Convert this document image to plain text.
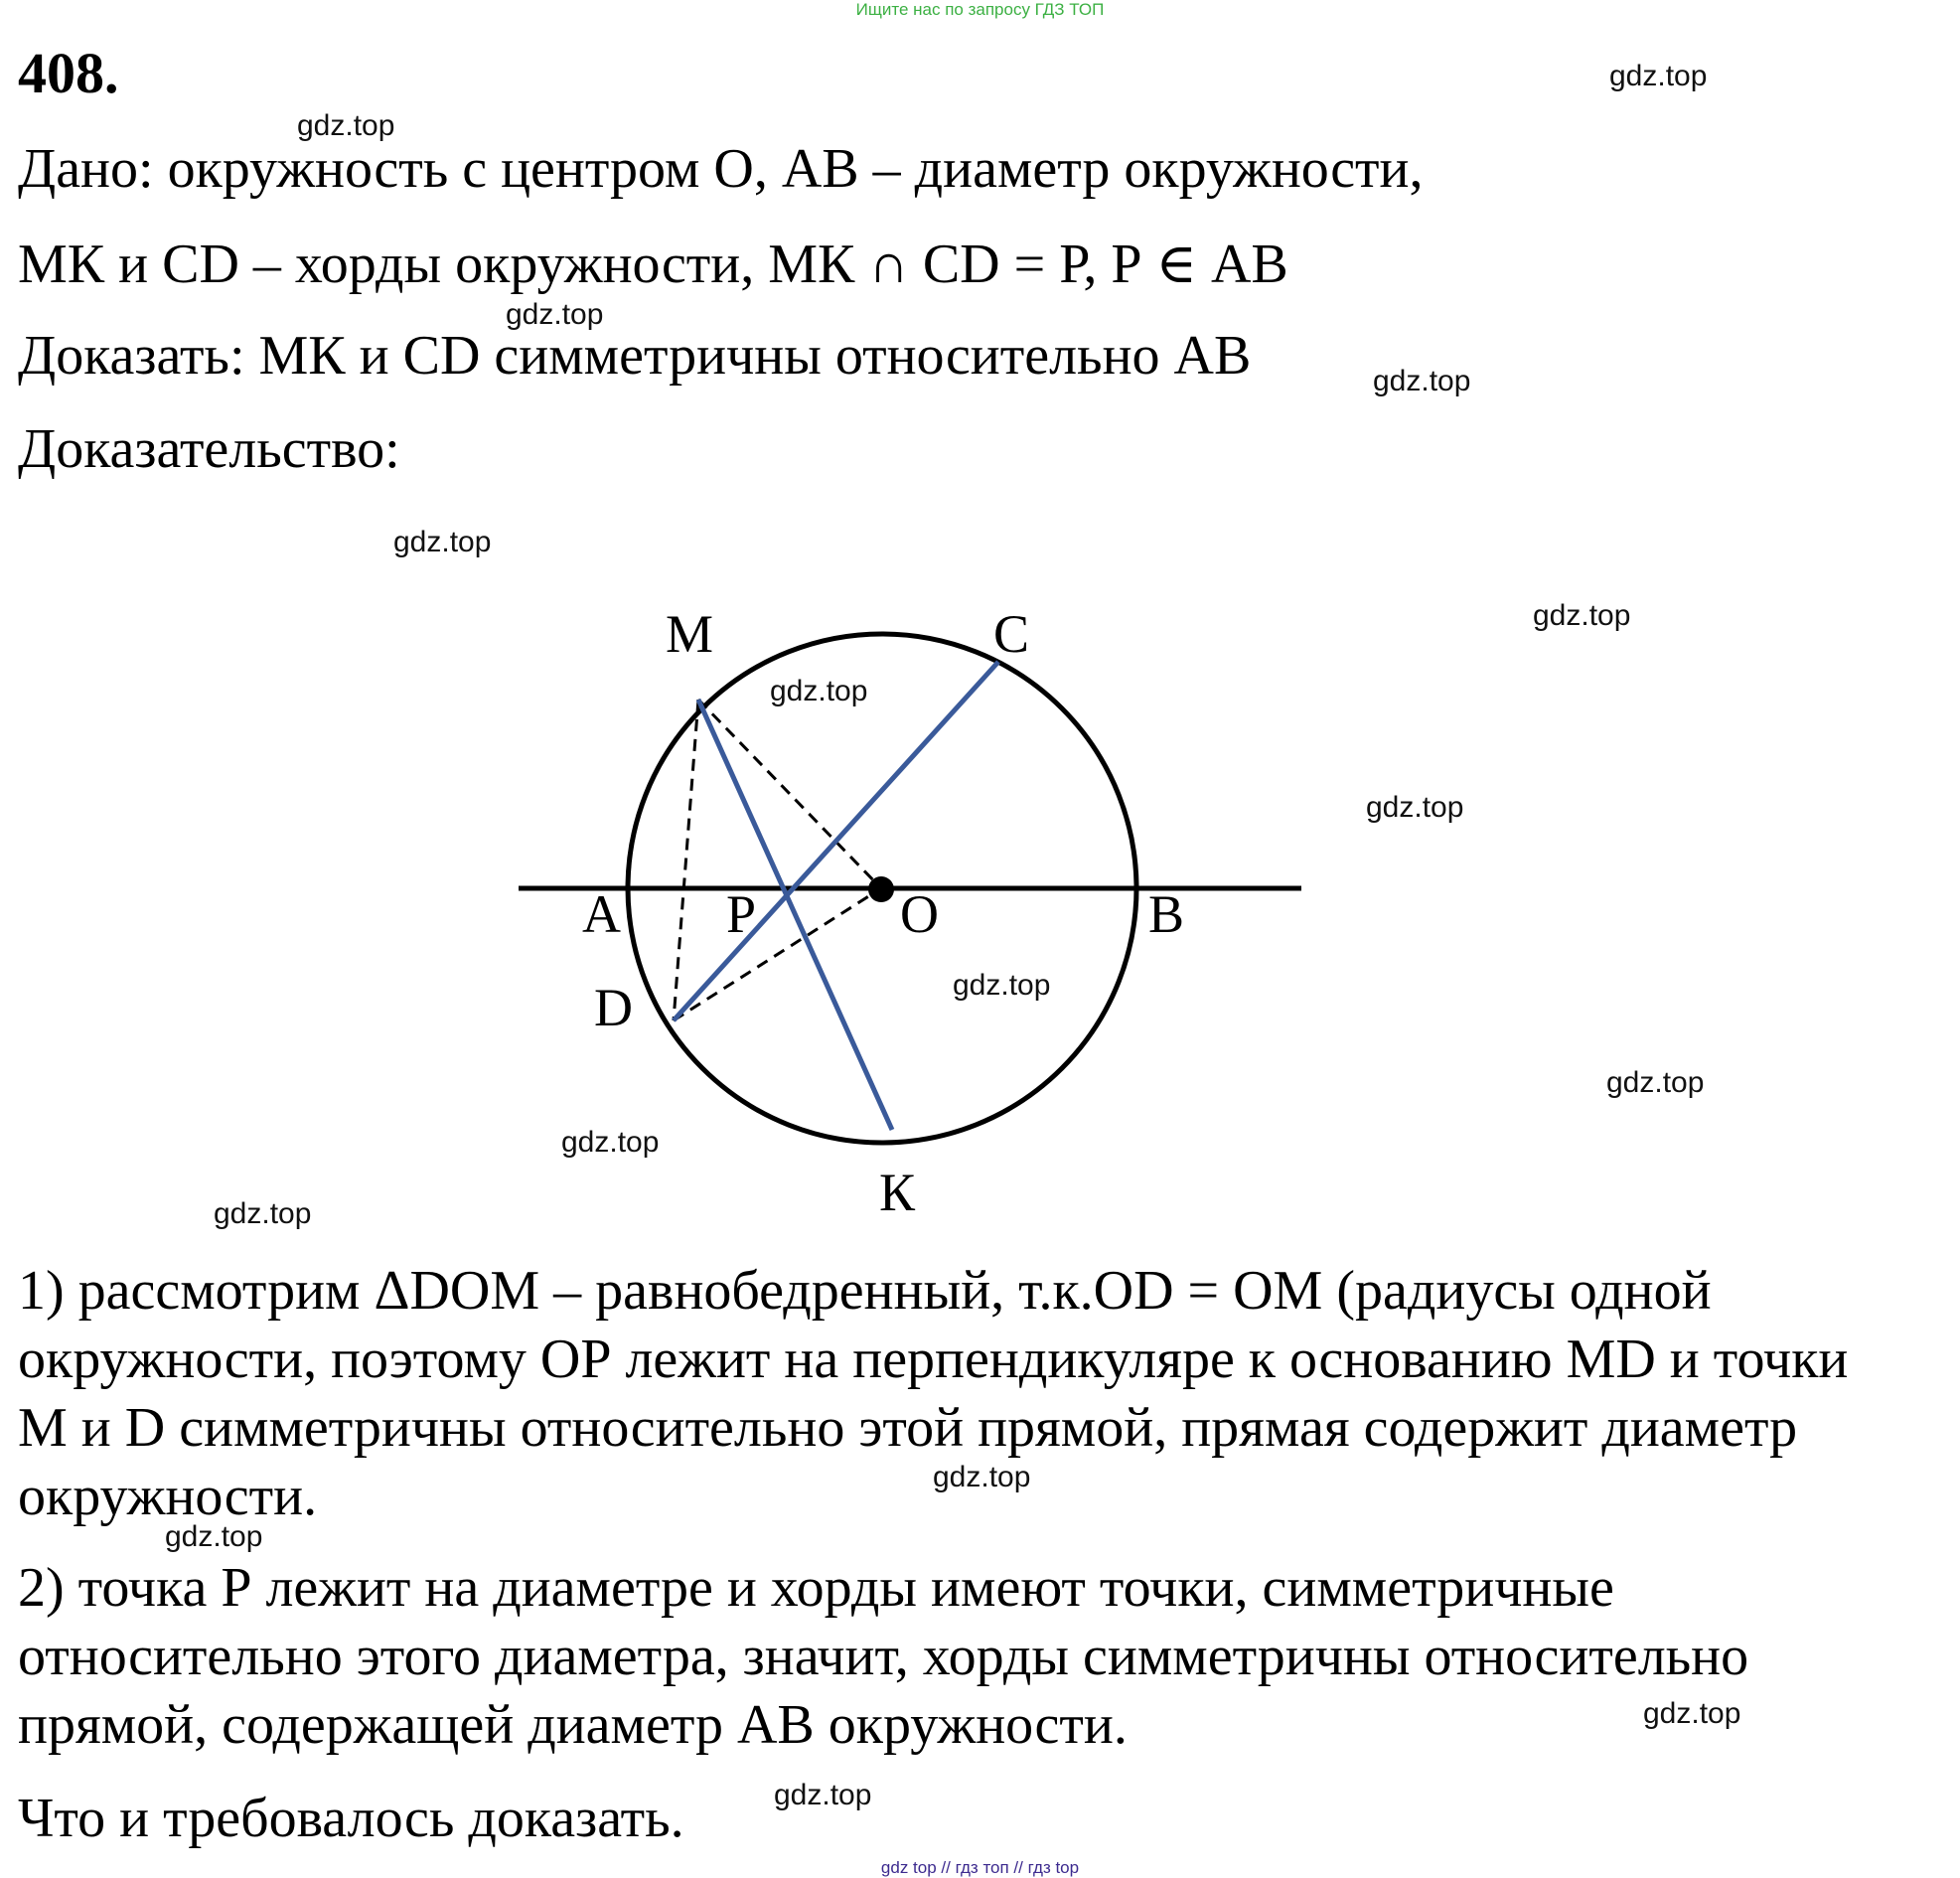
Ищите нас по запросу ГДЗ ТОП
408.
Дано: окружность с центром О, АВ – диаметр окружности,
МК и CD – хорды окружности, МК ∩ CD = Р, Р ∈ АВ
Доказать: МК и CD симметричны относительно АВ
Доказательство:
M	C
A P	O	B
D
К
1) рассмотрим ΔDOM – равнобедренный, т.к.OD = OM (радиусы одной
окружности, поэтому ОР лежит на перпендикуляре к основанию MD и точки
М и D симметричны относительно этой прямой, прямая содержит диаметр
окружности.
2) точка Р лежит на диаметре и хорды имеют точки, симметричные
относительно этого диаметра, значит, хорды симметричны относительно
прямой, содержащей диаметр АВ окружности.
Что и требовалось доказать.
gdz.top
gdz.top
gdz.top
gdz.top
gdz.top
gdz.top
gdz.top
gdz.top
gdz.top
gdz.top
gdz.top
gdz.top
gdz.top
gdz.top
gdz.top
gdz.top
gdz top // гдз топ // гдз top
